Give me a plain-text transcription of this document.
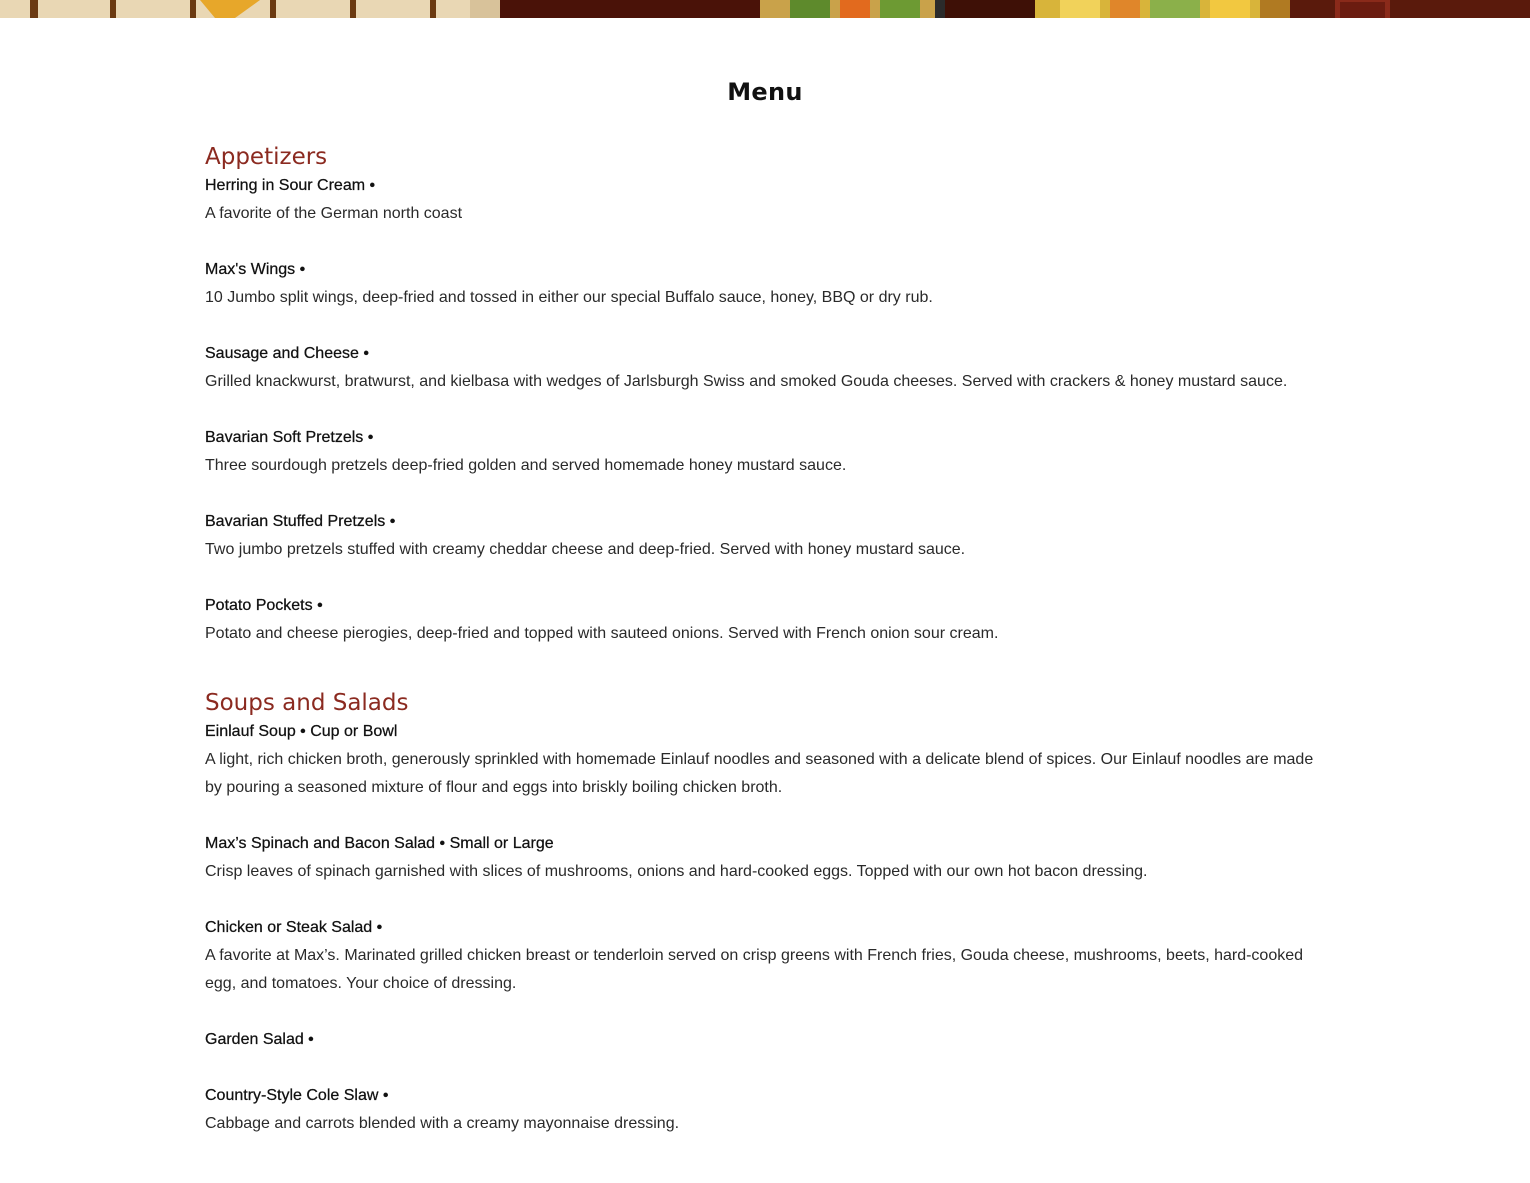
Menu
Appetizers
Herring in Sour Cream •
A favorite of the German north coast
Max's Wings •
10 Jumbo split wings, deep-fried and tossed in either our special Buffalo sauce, honey, BBQ or dry rub.
Sausage and Cheese •
Grilled knackwurst, bratwurst, and kielbasa with wedges of Jarlsburgh Swiss and smoked Gouda cheeses. Served with crackers & honey mustard sauce.
Bavarian Soft Pretzels •
Three sourdough pretzels deep-fried golden and served homemade honey mustard sauce.
Bavarian Stuffed Pretzels •
Two jumbo pretzels stuffed with creamy cheddar cheese and deep-fried. Served with honey mustard sauce.
Potato Pockets •
Potato and cheese pierogies, deep-fried and topped with sauteed onions. Served with French onion sour cream.
Soups and Salads
Einlauf Soup • Cup or Bowl
A light, rich chicken broth, generously sprinkled with homemade Einlauf noodles and seasoned with a delicate blend of spices. Our Einlauf noodles are made by pouring a seasoned mixture of flour and eggs into briskly boiling chicken broth.
Max’s Spinach and Bacon Salad • Small or Large
Crisp leaves of spinach garnished with slices of mushrooms, onions and hard-cooked eggs. Topped with our own hot bacon dressing.
Chicken or Steak Salad •
A favorite at Max’s. Marinated grilled chicken breast or tenderloin served on crisp greens with French fries, Gouda cheese, mushrooms, beets, hard-cooked egg, and tomatoes. Your choice of dressing.
Garden Salad •
Country-Style Cole Slaw •
Cabbage and carrots blended with a creamy mayonnaise dressing.
